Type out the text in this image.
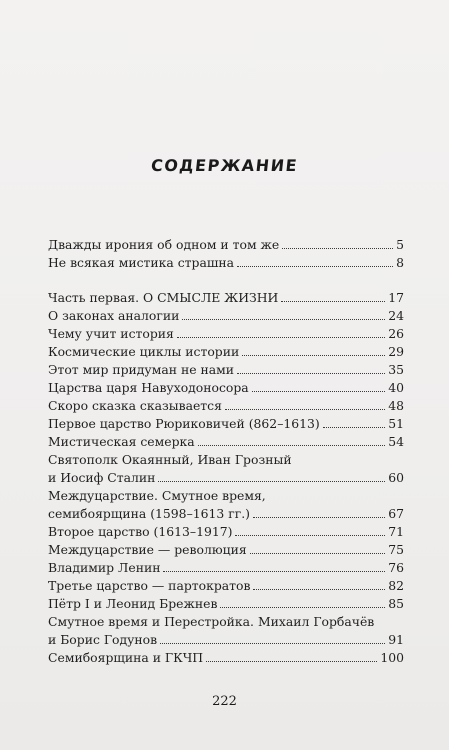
СОДЕРЖАНИЕ
Дважды ирония об одном и том же	5
Не всякая мистика страшна	8
Часть первая. О СМЫСЛЕ ЖИЗНИ	17
О законах аналогии	24
Чему учит история	26
Космические циклы истории	29
Этот мир придуман не нами	35
Царства царя Навуходоносора	40
Скоро сказка сказывается	48
Первое царство Рюриковичей (862–1613)	51
Мистическая семерка	54
Святополк Окаянный, Иван Грозный
и Иосиф Сталин	60
Междуцарствие. Смутное время,
семибоярщина (1598–1613 гг.)	67
Второе царство (1613–1917)	71
Междуцарствие — революция	75
Владимир Ленин	76
Третье царство — партократов	82
Пётр I и Леонид Брежнев	85
Смутное время и Перестройка. Михаил Горбачёв
и Борис Годунов	91
Семибоярщина и ГКЧП	100
222
